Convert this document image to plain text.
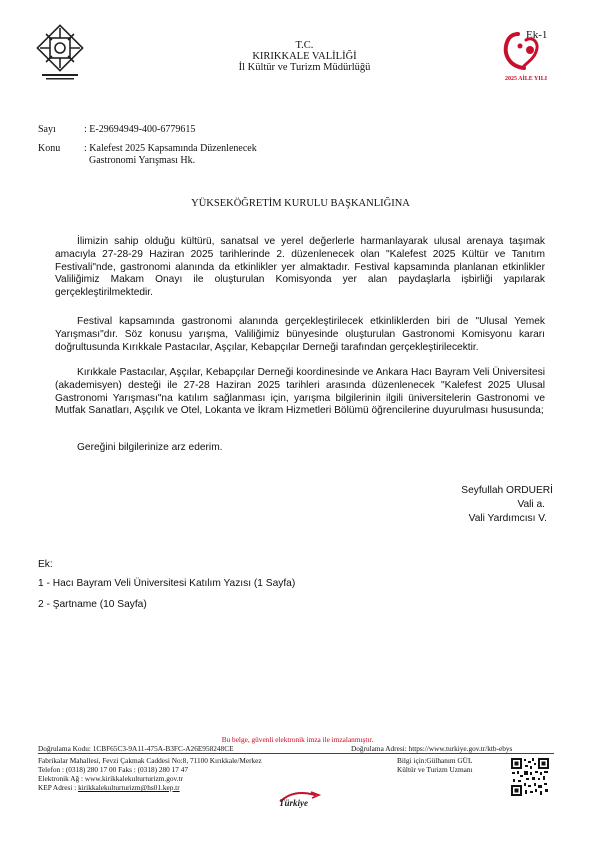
T.C.
KIRIKKALE VALİLİĞİ
İl Kültür ve Turizm Müdürlüğü
Ek-1
2025 AİLE YILI
Sayı	: E-29694949-400-6779615
Konu : Kalefest 2025 Kapsamında Düzenlenecek
Gastronomi Yarışması Hk.
YÜKSEKÖĞRETİM KURULU BAŞKANLIĞINA
İlimizin sahip olduğu kültürü, sanatsal ve yerel değerlerle harmanlayarak ulusal arenaya taşımak amacıyla 27-28-29 Haziran 2025 tarihlerinde 2. düzenlenecek olan "Kalefest 2025 Kültür ve Tanıtım Festivali"nde, gastronomi alanında da etkinlikler yer almaktadır. Festival kapsamında planlanan etkinlikler Valiliğimiz Makam Onayı ile oluşturulan Komisyonda yer alan paydaşlarla işbirliği yapılarak gerçekleştirilmektedir.
Festival kapsamında gastronomi alanında gerçekleştirilecek etkinliklerden biri de "Ulusal Yemek Yarışması"dır. Söz konusu yarışma, Valiliğimiz bünyesinde oluşturulan Gastronomi Komisyonu kararı doğrultusunda Kırıkkale Pastacılar, Aşçılar, Kebapçılar Derneği tarafından gerçekleştirilecektir.
Kırıkkale Pastacılar, Aşçılar, Kebapçılar Derneği koordinesinde ve Ankara Hacı Bayram Veli Üniversitesi (akademisyen) desteği ile 27-28 Haziran 2025 tarihleri arasında düzenlenecek "Kalefest 2025 Ulusal Gastronomi Yarışması"na katılım sağlanması için, yarışma bilgilerinin ilgili üniversitelerin Gastronomi ve Mutfak Sanatları, Aşçılık ve Otel, Lokanta ve İkram Hizmetleri Bölümü öğrencilerine duyurulması hususunda;
Gereğini bilgilerinize arz ederim.
Seyfullah ORDUERİ
Vali a.
Vali Yardımcısı V.
Ek:
1 - Hacı Bayram Veli Üniversitesi Katılım Yazısı (1 Sayfa)
2 - Şartname (10 Sayfa)
Bu belge, güvenli elektronik imza ile imzalanmıştır.
Doğrulama Kodu: 1CBF65C3-9A11-475A-B3FC-A26E958248CE	Doğrulama Adresi: https://www.turkiye.gov.tr/ktb-ebys
Fabrikalar Mahallesi, Fevzi Çakmak Caddesi No:8, 71100 Kırıkkale/Merkez
Telefon : (0318) 280 17 00 Faks : (0318) 280 17 47
Elektronik Ağ : www.kirikkalekulturturizm.gov.tr
KEP Adresi : kirikkalekulturturizm@hs01.kep.tr
Bilgi için:Gülhanım GÜL
Kültür ve Turizm Uzmanı
Türkiye
